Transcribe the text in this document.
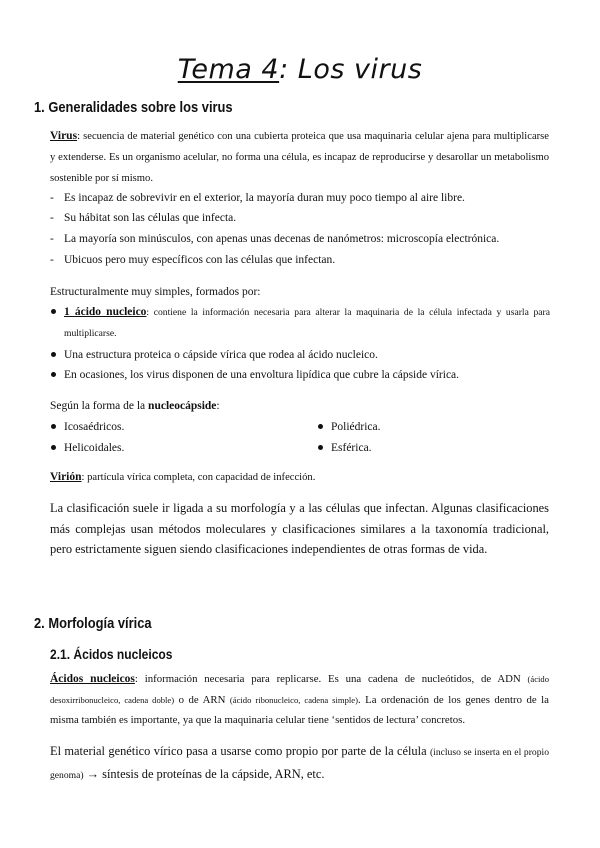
Tema 4: Los virus
1. Generalidades sobre los virus
Virus: secuencia de material genético con una cubierta proteica que usa maquinaria celular ajena para multiplicarse y extenderse. Es un organismo acelular, no forma una célula, es incapaz de reproducirse y desarollar un metabolismo sostenible por sí mismo.
- Es incapaz de sobrevivir en el exterior, la mayoría duran muy poco tiempo al aire libre.
- Su hábitat son las células que infecta.
- La mayoría son minúsculos, con apenas unas decenas de nanómetros: microscopía electrónica.
- Ubicuos pero muy específicos con las células que infectan.
Estructuralmente muy simples, formados por:
1 ácido nucleico: contiene la información necesaria para alterar la maquinaria de la célula infectada y usarla para multiplicarse.
Una estructura proteica o cápside vírica que rodea al ácido nucleico.
En ocasiones, los virus disponen de una envoltura lipídica que cubre la cápside vírica.
Según la forma de la nucleocápside:
Icosaédricos.
Helicoidales.
Poliédrica.
Esférica.
Virión: partícula vírica completa, con capacidad de infección.
La clasificación suele ir ligada a su morfología y a las células que infectan. Algunas clasificaciones más complejas usan métodos moleculares y clasificaciones similares a la taxonomía tradicional, pero estrictamente siguen siendo clasificaciones independientes de otras formas de vida.
2. Morfología vírica
2.1. Ácidos nucleicos
Ácidos nucleicos: información necesaria para replicarse. Es una cadena de nucleótidos, de ADN (ácido desoxirribonucleico, cadena doble) o de ARN (ácido ribonucleico, cadena simple). La ordenación de los genes dentro de la misma también es importante, ya que la maquinaria celular tiene ‘sentidos de lectura’ concretos.
El material genético vírico pasa a usarse como propio por parte de la célula (incluso se inserta en el propio genoma) → síntesis de proteínas de la cápside, ARN, etc.
